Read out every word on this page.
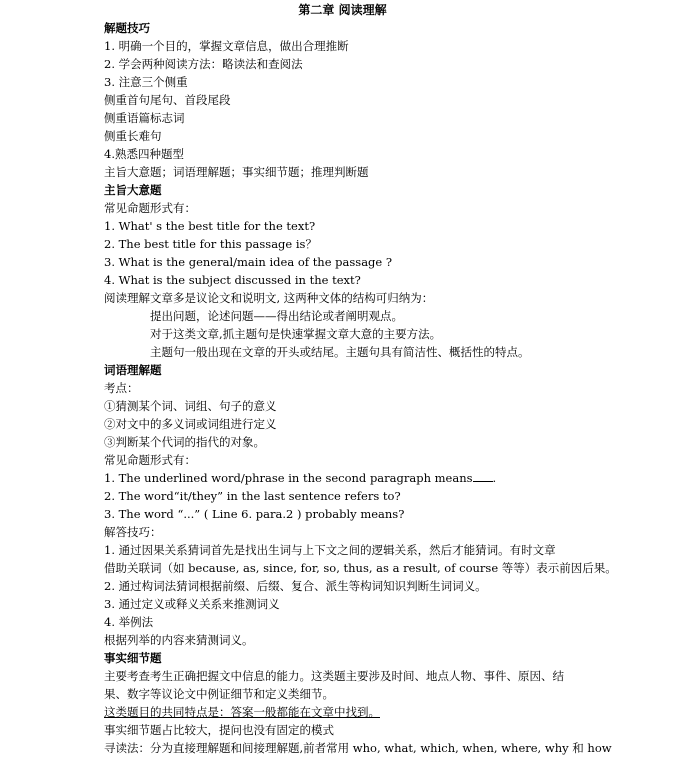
第二章 阅读理解
解题技巧
1. 明确一个目的，掌握文章信息，做出合理推断
2. 学会两种阅读方法：略读法和查阅法
3. 注意三个侧重
侧重首句尾句、首段尾段
侧重语篇标志词
侧重长难句
4.熟悉四种题型
主旨大意题；词语理解题；事实细节题；推理判断题
主旨大意题
常见命题形式有：
1. What' s the best title for the text?
2. The best title for this passage is？
3. What is the general/main idea of the passage ?
4. What is the subject discussed in the text?
阅读理解文章多是议论文和说明文, 这两种文体的结构可归纳为：
提出问题，论述问题——得出结论或者阐明观点。
对于这类文章,抓主题句是快速掌握文章大意的主要方法。
主题句一般出现在文章的开头或结尾。主题句具有简洁性、概括性的特点。
词语理解题
考点：
①猜测某个词、词组、句子的意义
②对文中的多义词或词组进行定义
③判断某个代词的指代的对象。
常见命题形式有：
1. The underlined word/phrase in the second paragraph means .
2. The word“it/they” in the last sentence refers to?
3. The word “...” ( Line 6. para.2 ) probably means?
解答技巧：
1. 通过因果关系猜词首先是找出生词与上下文之间的逻辑关系，然后才能猜词。有时文章
借助关联词（如 because, as, since, for, so, thus, as a result, of course 等等）表示前因后果。
2. 通过构词法猜词根据前缀、后缀、复合、派生等构词知识判断生词词义。
3. 通过定义或释义关系来推测词义
4. 举例法
根据列举的内容来猜测词义。
事实细节题
主要考查考生正确把握文中信息的能力。这类题主要涉及时间、地点人物、事件、原因、结
果、数字等议论文中例证细节和定义类细节。
这类题目的共同特点是：答案一般都能在文章中找到。
事实细节题占比较大，提问也没有固定的模式
寻读法：分为直接理解题和间接理解题,前者常用 who, what, which, when, where, why 和 how
